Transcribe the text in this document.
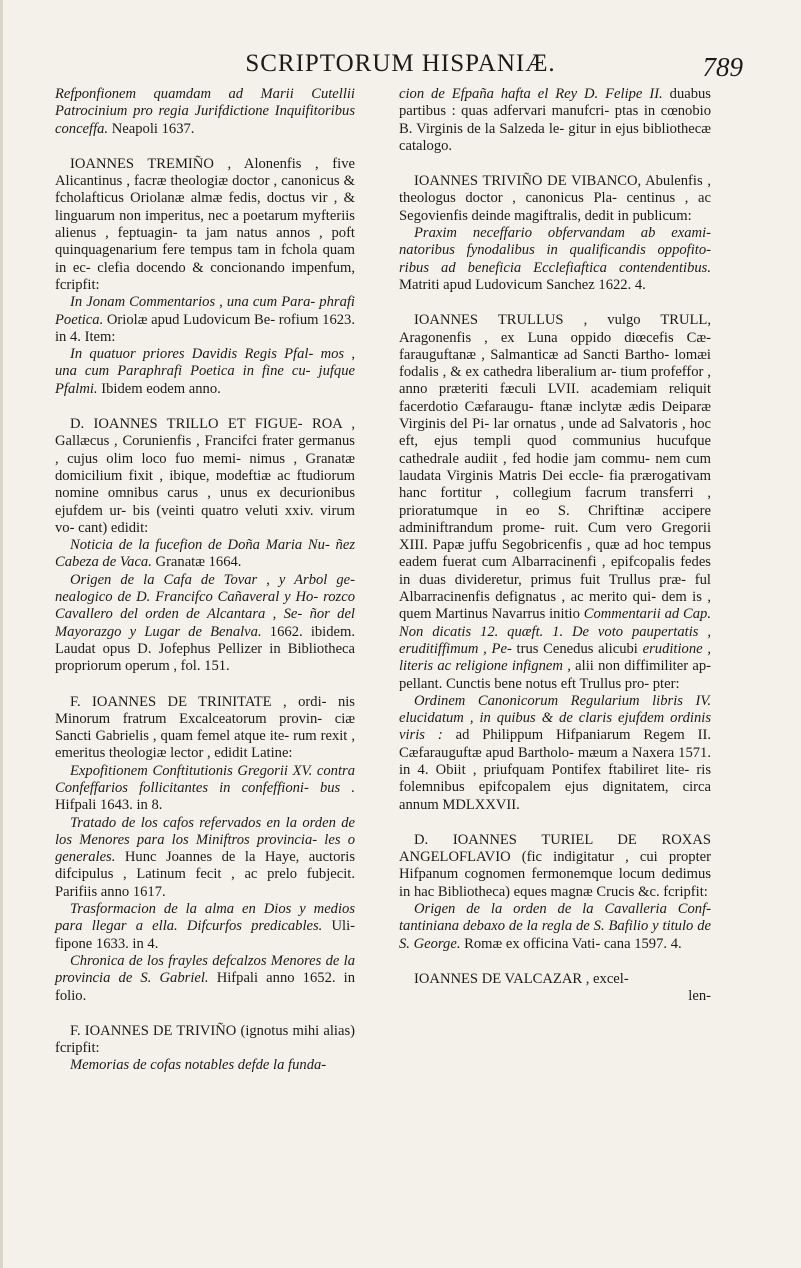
SCRIPTORUM HISPANIÆ.	789

Refponfionem quamdam ad Marii Cutellii Patrocinium pro regia Jurifdictione Inquifitoribus conceffa. Neapoli 1637.

IOANNES TREMIÑO , Alonenfis , five Alicantinus , facræ theologiæ doctor , canonicus & fcholafticus Oriolanæ almæ fedis, doctus vir , & linguarum non imperitus, nec a poetarum myfteriis alienus , feptuagin- ta jam natus annos , poft quinquagenarium fere tempus tam in fchola quam in ec- clefia docendo & concionando impenfum, fcripfit:

In Jonam Commentarios , una cum Para- phrafi Poetica. Oriolæ apud Ludovicum Be- rofium 1623. in 4. Item:

In quatuor priores Davidis Regis Pfal- mos , una cum Paraphrafi Poetica in fine cu- jufque Pfalmi. Ibidem eodem anno.

D. IOANNES TRILLO ET FIGUE- ROA , Gallæcus , Corunienfis , Francifci frater germanus , cujus olim loco fuo memi- nimus , Granatæ domicilium fixit , ibique, modeftiæ ac ftudiorum nomine omnibus carus , unus ex decurionibus ejufdem ur- bis (veinti quatro veluti xxiv. virum vo- cant) edidit:

Noticia de la fucefion de Doña Maria Nu- ñez Cabeza de Vaca. Granatæ 1664.

Origen de la Cafa de Tovar , y Arbol ge- nealogico de D. Francifco Cañaveral y Ho- rozco Cavallero del orden de Alcantara , Se- ñor del Mayorazgo y Lugar de Benalva. 1662. ibidem. Laudat opus D. Jofephus Pellizer in Bibliotheca propriorum operum , fol. 151.

F. IOANNES DE TRINITATE , ordi- nis Minorum fratrum Excalceatorum provin- ciæ Sancti Gabrielis , quam femel atque ite- rum rexit , emeritus theologiæ lector , edidit Latine:

Expofitionem Conftitutionis Gregorii XV. contra Confeffarios follicitantes in confeffioni- bus . Hifpali 1643. in 8.

Tratado de los cafos refervados en la orden de los Menores para los Miniftros provincia- les o generales. Hunc Joannes de la Haye, auctoris difcipulus , Latinum fecit , ac prelo fubjecit. Parifiis anno 1617.

Trasformacion de la alma en Dios y medios para llegar a ella. Difcurfos predicables. Uli- fipone 1633. in 4.

Chronica de los frayles defcalzos Menores de la provincia de S. Gabriel. Hifpali anno 1652. in folio.

F. IOANNES DE TRIVIÑO (ignotus mihi alias) fcripfit:

Memorias de cofas notables defde la funda-

cion de Efpaña hafta el Rey D. Felipe II. duabus partibus : quas adfervari manufcri- ptas in cœnobio B. Virginis de la Salzeda le- gitur in ejus bibliothecæ catalogo.

IOANNES TRIVIÑO DE VIBANCO, Abulenfis , theologus doctor , canonicus Pla- centinus , ac Segovienfis deinde magiftralis, dedit in publicum:

Praxim neceffario obfervandam ab exami- natoribus fynodalibus in qualificandis oppofito- ribus ad beneficia Ecclefiaftica contendentibus. Matriti apud Ludovicum Sanchez 1622. 4.

IOANNES TRULLUS , vulgo TRULL, Aragonenfis , ex Luna oppido diœcefis Cæ- farauguftanæ , Salmanticæ ad Sancti Bartho- lomæi fodalis , & ex cathedra liberalium ar- tium profeffor , anno præteriti fæculi LVII. academiam reliquit facerdotio Cæfaraugu- ftanæ inclytæ ædis Deiparæ Virginis del Pi- lar ornatus , unde ad Salvatoris , hoc eft, ejus templi quod communius hucufque cathedrale audiit , fed hodie jam commu- nem cum laudata Virginis Matris Dei eccle- fia prærogativam hanc fortitur , collegium facrum transferri , prioratumque in eo S. Chriftinæ accipere adminiftrandum prome- ruit. Cum vero Gregorii XIII. Papæ juffu Segobricenfis , quæ ad hoc tempus eadem fuerat cum Albarracinenfi , epifcopalis fedes in duas divideretur, primus fuit Trullus præ- ful Albarracinenfis defignatus , ac merito qui- dem is , quem Martinus Navarrus initio Commentarii ad Cap. Non dicatis 12. quæft. 1. De voto paupertatis , eruditiffimum , Pe- trus Cenedus alicubi eruditione , literis ac religione infignem , alii non diffimiliter ap- pellant. Cunctis bene notus eft Trullus pro- pter:

Ordinem Canonicorum Regularium libris IV. elucidatum , in quibus & de claris ejufdem ordinis viris : ad Philippum Hifpaniarum Regem II. Cæfarauguftæ apud Bartholo- mæum a Naxera 1571. in 4. Obiit , priufquam Pontifex ftabiliret lite- ris folemnibus epifcopalem ejus dignitatem, circa annum MDLXXVII.

D. IOANNES TURIEL DE ROXAS ANGELOFLAVIO (fic indigitatur , cui propter Hifpanum cognomen fermonemque locum dedimus in hac Bibliotheca) eques magnæ Crucis &c. fcripfit:

Origen de la orden de la Cavalleria Conf- tantiniana debaxo de la regla de S. Bafilio y titulo de S. George. Romæ ex officina Vati- cana 1597. 4.

IOANNES DE VALCAZAR , excel-

len-
